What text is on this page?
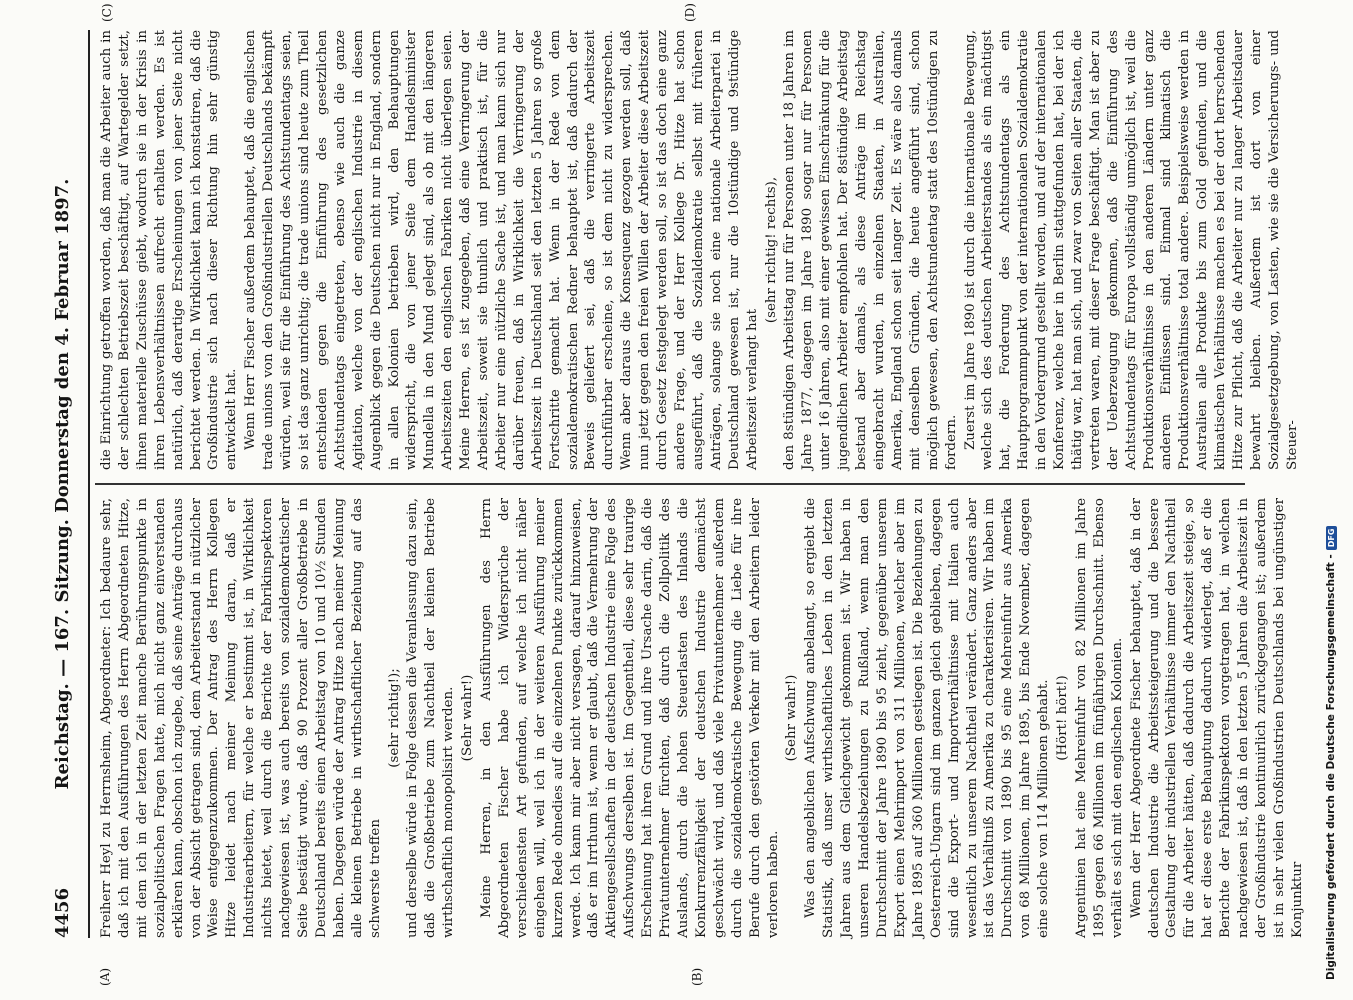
4456
Reichstag. — 167. Sitzung. Donnerstag den 4. Februar 1897.
(A)	(B)
(C)	(D)

Freiherr Heyl zu Herrnsheim, Abgeordneter: Ich bedaure sehr, daß ich mit den Ausführungen des Herrn Abgeordneten Hitze, mit dem ich in der letzten Zeit manche Berührungspunkte in sozialpolitischen Fragen hatte, mich nicht ganz einverstanden erklären kann, obschon ich zugebe, daß seine Anträge durchaus von der Absicht getragen sind, dem Arbeiterstand in nützlicher Weise entgegenzukommen. Der Antrag des Herrn Kollegen Hitze leidet nach meiner Meinung daran, daß er Industriearbeitern, für welche er bestimmt ist, in Wirklichkeit nichts bietet, weil durch die Berichte der Fabrikinspektoren nachgewiesen ist, was auch bereits von sozialdemokratischer Seite bestätigt wurde, daß 90 Prozent aller Großbetriebe in Deutschland bereits einen Arbeitstag von 10 und 10½ Stunden haben. Dagegen würde der Antrag Hitze nach meiner Meinung alle kleinen Betriebe in wirthschaftlicher Beziehung auf das schwerste treffen

(sehr richtig!); und derselbe würde in Folge dessen die Veranlassung dazu sein, daß die Großbetriebe zum Nachtheil der kleinen Betriebe wirthschaftlich monopolisirt werden. (Sehr wahr!) Meine Herren, in den Ausführungen des Herrn Abgeordneten Fischer habe ich Widersprüche der verschiedensten Art gefunden, auf welche ich nicht näher eingehen will, weil ich in der weiteren Ausführung meiner kurzen Rede ohnedies auf die einzelnen Punkte zurückkommen werde. Ich kann mir aber nicht versagen, darauf hinzuweisen, daß er im Irrthum ist, wenn er glaubt, daß die Vermehrung der Aktiengesellschaften in der deutschen Industrie eine Folge des Aufschwungs derselben ist. Im Gegentheil, diese sehr traurige Erscheinung hat ihren Grund und ihre Ursache darin, daß die Privatunternehmer fürchten, daß durch die Zollpolitik des Auslands, durch die hohen Steuerlasten des Inlands die Konkurrenzfähigkeit der deutschen Industrie demnächst geschwächt wird, und daß viele Privatunternehmer außerdem durch die sozialdemokratische Bewegung die Liebe für ihre Berufe durch den gestörten Verkehr mit den Arbeitern leider verloren haben.

(Sehr wahr!) Was den angeblichen Aufschwung anbelangt, so ergiebt die Statistik, daß unser wirthschaftliches Leben in den letzten Jahren aus dem Gleichgewicht gekommen ist. Wir haben in unseren Handelsbeziehungen zu Rußland, wenn man den Durchschnitt der Jahre 1890 bis 95 zieht, gegenüber unserem Export einen Mehrimport von 311 Millionen, welcher aber im Jahre 1895 auf 360 Millionen gestiegen ist. Die Beziehungen zu Oesterreich-Ungarn sind im ganzen gleich geblieben, dagegen sind die Export- und Importverhältnisse mit Italien auch wesentlich zu unserem Nachtheil verändert. Ganz anders aber ist das Verhältniß zu Amerika zu charakterisiren. Wir haben im Durchschnitt von 1890 bis 95 eine Mehreinfuhr aus Amerika von 68 Millionen, im Jahre 1895, bis Ende November, dagegen eine solche von 114 Millionen gehabt. (Hört! hört!) Argentinien hat eine Mehreinfuhr von 82 Millionen im Jahre 1895 gegen 66 Millionen im fünfjährigen Durchschnitt. Ebenso verhält es sich mit den englischen Kolonien. Wenn der Herr Abgeordnete Fischer behauptet, daß in der deutschen Industrie die Arbeitssteigerung und die bessere Gestaltung der industriellen Verhältnisse immer den Nachtheil für die Arbeiter hätten, daß dadurch die Arbeitszeit steige, so hat er diese erste Behauptung dadurch widerlegt, daß er die Berichte der Fabrikinspektoren vorgetragen hat, in welchen nachgewiesen ist, daß in den letzten 5 Jahren die Arbeitszeit in der Großindustrie kontinuirlich zurückgegangen ist; außerdem ist in sehr vielen Großindustrien Deutschlands bei ungünstiger Konjunktur

die Einrichtung getroffen worden, daß man die Arbeiter auch in der schlechten Betriebszeit beschäftigt, auf Wartegelder setzt, ihnen materielle Zuschüsse giebt, wodurch sie in der Krisis in ihren Lebensverhältnissen aufrecht erhalten werden. Es ist natürlich, daß derartige Erscheinungen von jener Seite nicht berichtet werden. In Wirklichkeit kann ich konstatiren, daß die Großindustrie sich nach dieser Richtung hin sehr günstig entwickelt hat. Wenn Herr Fischer außerdem behauptet, daß die englischen trade unions von den Großindustriellen Deutschlands bekämpft würden, weil sie für die Einführung des Achtstundentags seien, so ist das ganz unrichtig; die trade unions sind heute zum Theil entschieden gegen die Einführung des gesetzlichen Achtstundentags eingetreten, ebenso wie auch die ganze Agitation, welche von der englischen Industrie in diesem Augenblick gegen die Deutschen nicht nur in England, sondern in allen Kolonien betrieben wird, den Behauptungen widerspricht, die von jener Seite dem Handelsminister Mundella in den Mund gelegt sind, als ob mit den längeren Arbeitszeiten den englischen Fabriken nicht überlegen seien. Meine Herren, es ist zugegeben, daß eine Verringerung der Arbeitszeit, soweit sie thunlich und praktisch ist, für die Arbeiter nur eine nützliche Sache ist, und man kann sich nur darüber freuen, daß in Wirklichkeit die Verringerung der Arbeitszeit in Deutschland seit den letzten 5 Jahren so große Fortschritte gemacht hat. Wenn in der Rede von dem sozialdemokratischen Redner behauptet ist, daß dadurch der Beweis geliefert sei, daß die verringerte Arbeitszeit durchführbar erscheine, so ist dem nicht zu widersprechen. Wenn aber daraus die Konsequenz gezogen werden soll, daß nun jetzt gegen den freien Willen der Arbeiter diese Arbeitszeit durch Gesetz festgelegt werden soll, so ist das doch eine ganz andere Frage, und der Herr Kollege Dr. Hitze hat schon ausgeführt, daß die Sozialdemokratie selbst mit früheren Anträgen, solange sie noch eine nationale Arbeiterpartei in Deutschland gewesen ist, nur die 10stündige und 9stündige Arbeitszeit verlangt hat

(sehr richtig! rechts), den 8stündigen Arbeitstag nur für Personen unter 18 Jahren im Jahre 1877, dagegen im Jahre 1890 sogar nur für Personen unter 16 Jahren, also mit einer gewissen Einschränkung für die jugendlichen Arbeiter empfohlen hat. Der 8stündige Arbeitstag bestand aber damals, als diese Anträge im Reichstag eingebracht wurden, in einzelnen Staaten, in Australien, Amerika, England schon seit langer Zeit. Es wäre also damals mit denselben Gründen, die heute angeführt sind, schon möglich gewesen, den Achtstundentag statt des 10stündigen zu fordern. Zuerst im Jahre 1890 ist durch die internationale Bewegung, welche sich des deutschen Arbeiterstandes als ein mächtigst hat, die Forderung des Achtstundentags als ein Hauptprogrammpunkt von der internationalen Sozialdemokratie in den Vordergrund gestellt worden, und auf der internationalen Konferenz, welche hier in Berlin stattgefunden hat, bei der ich thätig war, hat man sich, und zwar von Seiten aller Staaten, die vertreten waren, mit dieser Frage beschäftigt. Man ist aber zu der Ueberzeugung gekommen, daß die Einführung des Achtstundentags für Europa vollständig unmöglich ist, weil die Produktionsverhältnisse in den anderen Ländern unter ganz anderen Einflüssen sind. Einmal sind klimatisch die Produktionsverhältnisse total andere. Beispielsweise werden in Australien alle Produkte bis zum Gold gefunden, und die klimatischen Verhältnisse machen es bei der dort herrschenden Hitze zur Pflicht, daß die Arbeiter nur zu langer Arbeitsdauer bewahrt bleiben. Außerdem ist dort von einer Sozialgesetzgebung, von Lasten, wie sie die Versicherungs- und Steuer-

Digitalisierung gefördert durch die Deutsche Forschungsgemeinschaft -DFG
